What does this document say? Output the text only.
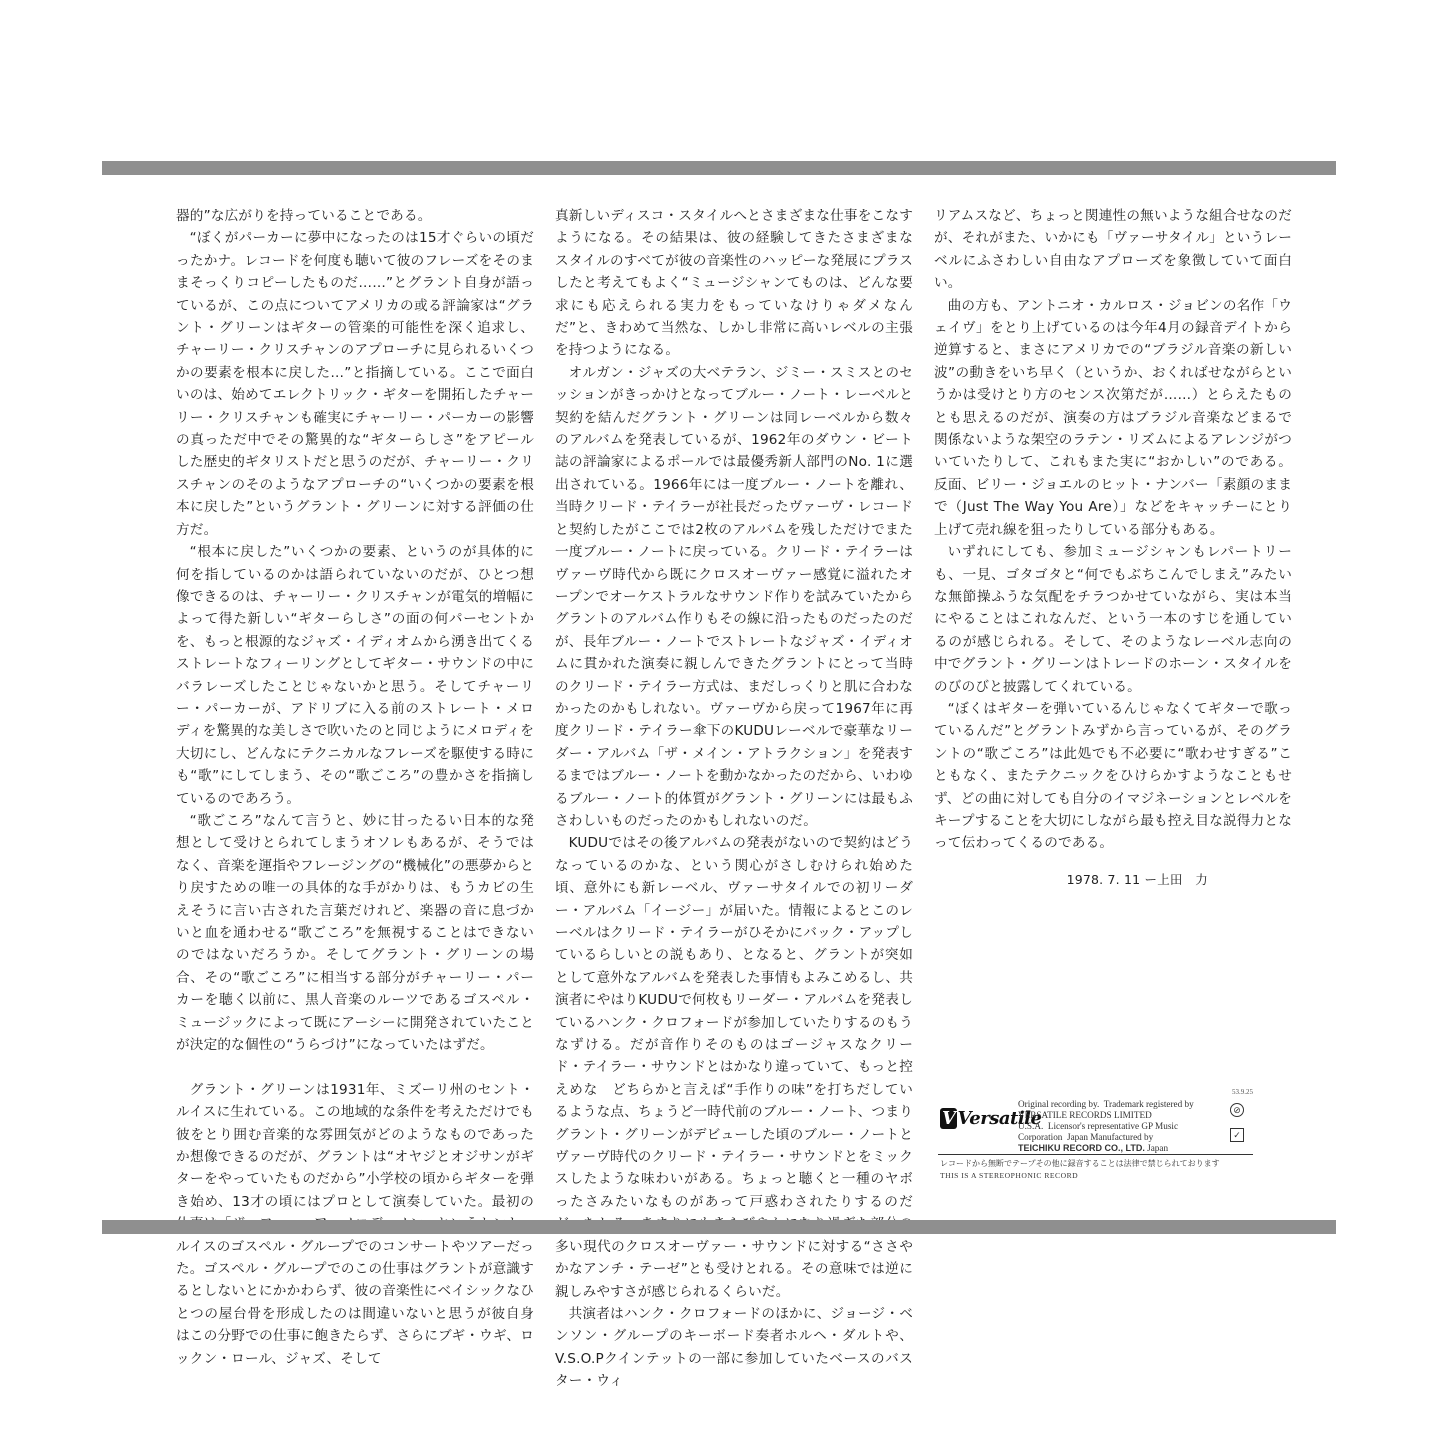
器的”な広がりを持っていることである。

“ぼくがパーカーに夢中になったのは15才ぐらいの頃だったかナ。レコードを何度も聴いて彼のフレーズをそのままそっくりコピーしたものだ……”とグラント自身が語っているが、この点についてアメリカの或る評論家は“グラント・グリーンはギターの管楽的可能性を深く追求し、チャーリー・クリスチャンのアプローチに見られるいくつかの要素を根本に戻した…”と指摘している。ここで面白いのは、始めてエレクトリック・ギターを開拓したチャーリー・クリスチャンも確実にチャーリー・パーカーの影響の真っただ中でその驚異的な“ギターらしさ”をアピールした歴史的ギタリストだと思うのだが、チャーリー・クリスチャンのそのようなアプローチの“いくつかの要素を根本に戻した”というグラント・グリーンに対する評価の仕方だ。

“根本に戻した”いくつかの要素、というのが具体的に何を指しているのかは語られていないのだが、ひとつ想像できるのは、チャーリー・クリスチャンが電気的増幅によって得た新しい“ギターらしさ”の面の何パーセントかを、もっと根源的なジャズ・イディオムから湧き出てくるストレートなフィーリングとしてギター・サウンドの中にバラレーズしたことじゃないかと思う。そしてチャーリー・パーカーが、アドリブに入る前のストレート・メロディを驚異的な美しさで吹いたのと同じようにメロディを大切にし、どんなにテクニカルなフレーズを駆使する時にも“歌”にしてしまう、その“歌ごころ”の豊かさを指摘しているのであろう。

“歌ごころ”なんて言うと、妙に甘ったるい日本的な発想として受けとられてしまうオソレもあるが、そうではなく、音楽を運指やフレージングの“機械化”の悪夢からとり戻すための唯一の具体的な手がかりは、もうカビの生えそうに言い古された言葉だけれど、楽器の音に息づかいと血を通わせる“歌ごころ”を無視することはできないのではないだろうか。そしてグラント・グリーンの場合、その“歌ごころ”に相当する部分がチャーリー・パーカーを聴く以前に、黒人音楽のルーツであるゴスペル・ミュージックによって既にアーシーに開発されていたことが決定的な個性の“うらづけ”になっていたはずだ。

グラント・グリーンは1931年、ミズーリ州のセント・ルイスに生れている。この地域的な条件を考えただけでも彼をとり囲む音楽的な雰囲気がどのようなものであったか想像できるのだが、グラントは“オヤジとオジサンがギターをやっていたものだから”小学校の頃からギターを弾き始め、13才の頃にはプロとして演奏していた。最初の ルイスのゴスペル・グループでのコンサートやツアーだった。ゴスペル・グループでのこの仕事はグラントが意識するとしないとにかかわらず、彼の音楽性にベイシックなひとつの屋台骨を形成したのは間違いないと思うが彼自身はこの分野での仕事に飽きたらず、さらにブギ・ウギ、ロックン・ロール、ジャズ、そして

真新しいディスコ・スタイルへとさまざまな仕事をこなすようになる。その結果は、彼の経験してきたさまざまなスタイルのすべてが彼の音楽性のハッピーな発展にプラスしたと考えてもよく“ミュージシャンてものは、どんな要求にも応えられる実力をもっていなけりゃダメなんだ”と、きわめて当然な、しかし非常に高いレベルの主張を持つようになる。

オルガン・ジャズの大ベテラン、ジミー・スミスとのセッションがきっかけとなってブルー・ノート・レーベルと契約を結んだグラント・グリーンは同レーベルから数々のアルバムを発表しているが、1962年のダウン・ビート誌の評論家によるポールでは最優秀新人部門のNo. 1に選出されている。1966年には一度ブルー・ノートを離れ、当時クリード・テイラーが社長だったヴァーヴ・レコードと契約したがここでは2枚のアルバムを残しただけでまた一度ブルー・ノートに戻っている。クリード・テイラーはヴァーヴ時代から既にクロスオーヴァー感覚に溢れたオープンでオーケストラルなサウンド作りを試みていたからグラントのアルバム作りもその線に沿ったものだったのだが、長年ブルー・ノートでストレートなジャズ・イディオムに貫かれた演奏に親しんできたグラントにとって当時のクリード・テイラー方式は、まだしっくりと肌に合わなかったのかもしれない。ヴァーヴから戻って1967年に再度クリード・テイラー傘下のKUDUレーベルで豪華なリーダー・アルバム「ザ・メイン・アトラクション」を発表するまではブルー・ノートを動かなかったのだから、いわゆるブルー・ノート的体質がグラント・グリーンには最もふさわしいものだったのかもしれないのだ。

KUDUではその後アルバムの発表がないので契約はどうなっているのかな、という関心がさしむけられ始めた頃、意外にも新レーベル、ヴァーサタイルでの初リーダー・アルバム「イージー」が届いた。情報によるとこのレーベルはクリード・テイラーがひそかにバック・アップしているらしいとの説もあり、となると、グラントが突如として意外なアルバムを発表した事情もよみこめるし、共演者にやはりKUDUで何枚もリーダー・アルバムを発表しているハンク・クロフォードが参加していたりするのもうなずける。だが音作りそのものはゴージャスなクリード・テイラー・サウンドとはかなり違っていて、もっと控えめな　どちらかと言えば“手作りの味”を打ちだしているような点、ちょうど一時代前のブルー・ノート、つまりグラント・グリーンがデビューした頃のブルー・ノートとヴァーヴ時代のクリード・テイラー・サウンドとをミックスしたような味わいがある。ちょっと聴くと一種のヤボったさみたいなものがあって戸惑わされたりするのだ 多い現代のクロスオーヴァー・サウンドに対する“ささやかなアンチ・テーゼ”とも受けとれる。その意味では逆に親しみやすさが感じられるくらいだ。

共演者はハンク・クロフォードのほかに、ジョージ・ベンソン・グループのキーボード奏者ホルヘ・ダルトや、V.S.O.Pクインテットの一部に参加していたベースのバスター・ウィ

リアムスなど、ちょっと関連性の無いような組合せなのだが、それがまた、いかにも「ヴァーサタイル」というレーベルにふさわしい自由なアプローズを象徴していて面白い。

曲の方も、アントニオ・カルロス・ジョビンの名作「ウェイヴ」をとり上げているのは今年4月の録音デイトから逆算すると、まさにアメリカでの“ブラジル音楽の新しい波”の動きをいち早く（というか、おくればせながらというかは受けとり方のセンス次第だが……）とらえたものとも思えるのだが、演奏の方はブラジル音楽などまるで関係ないような架空のラテン・リズムによるアレンジがついていたりして、これもまた実に“おかしい”のである。反面、ビリー・ジョエルのヒット・ナンバー「素顔のままで（Just The Way You Are）」などをキャッチーにとり上げて売れ線を狙ったりしている部分もある。

いずれにしても、参加ミュージシャンもレパートリーも、一見、ゴタゴタと“何でもぶちこんでしまえ”みたいな無節操ふうな気配をチラつかせていながら、実は本当にやることはこれなんだ、という一本のすじを通しているのが感じられる。そして、そのようなレーベル志向の中でグラント・グリーンはトレードのホーン・スタイルをのびのびと披露してくれている。

“ぼくはギターを弾いているんじゃなくてギターで歌っているんだ”とグラントみずから言っているが、そのグラントの“歌ごころ”は此処でも不必要に“歌わせすぎる”こともなく、またテクニックをひけらかすようなこともせず、どの曲に対しても自分のイマジネーションとレベルをキープすることを大切にしながら最も控え目な説得力となって伝わってくるのである。

1978. 7. 11 ー上田　力

53.9.25
V Versatile
Original recording by.  Trademark registered by
VERSATILE RECORDS LIMITED
U.S.A.  Licensor's representative GP Music
Corporation  Japan Manufactured by
TEICHIKU RECORD CO., LTD. Japan
⊘
✓
レコードから無断でテープその他に録音することは法律で禁じられております
THIS IS A STEREOPHONIC RECORD
